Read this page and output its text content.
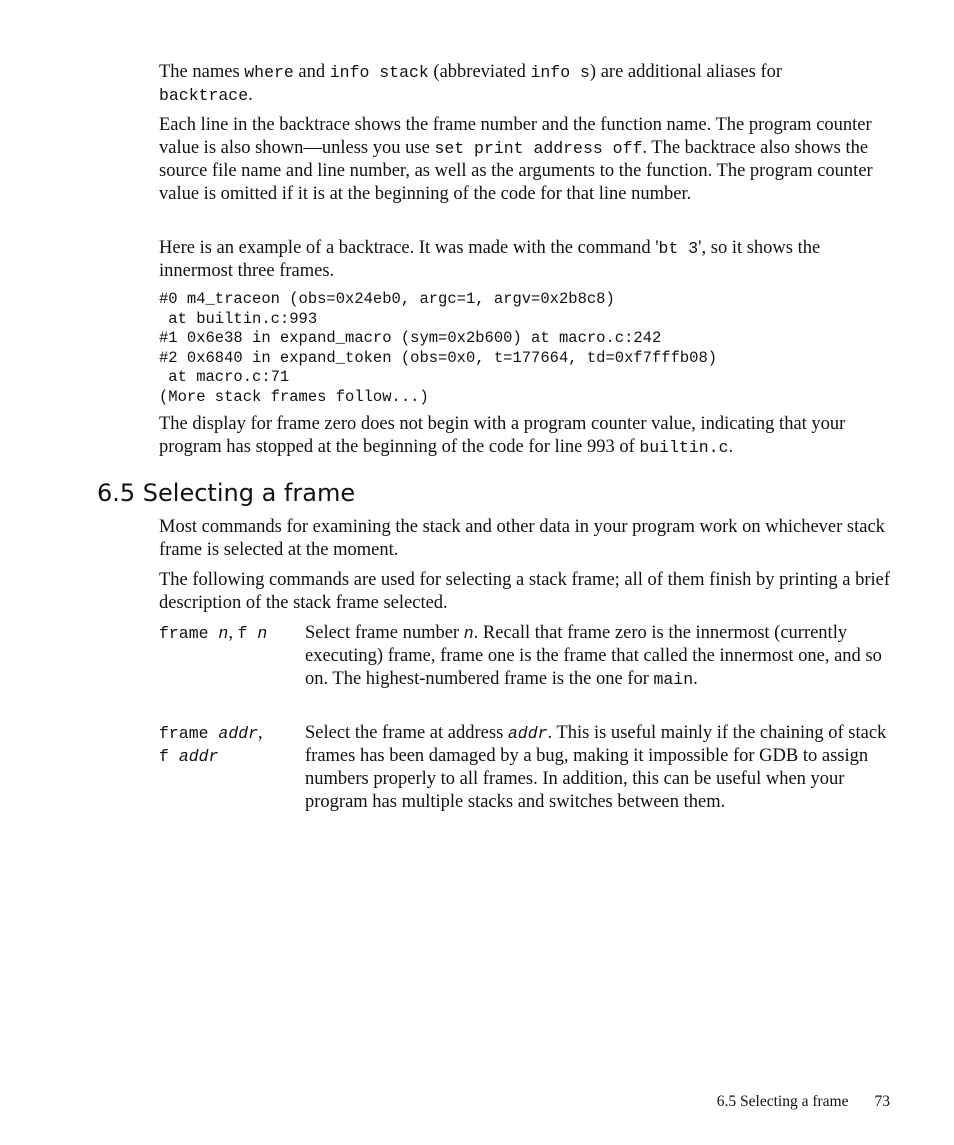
The names where and info stack (abbreviated info s) are additional aliases for
backtrace.

Each line in the backtrace shows the frame number and the function name. The program counter value is also shown—unless you use set print address off. The backtrace also shows the source file name and line number, as well as the arguments to the function. The program counter value is omitted if it is at the beginning of the code for that line number.

Here is an example of a backtrace. It was made with the command 'bt 3', so it shows the innermost three frames.

#0 m4_traceon (obs=0x24eb0, argc=1, argv=0x2b8c8)
at builtin.c:993
#1 0x6e38 in expand_macro (sym=0x2b600) at macro.c:242
#2 0x6840 in expand_token (obs=0x0, t=177664, td=0xf7fffb08)
at macro.c:71
(More stack frames follow...)

The display for frame zero does not begin with a program counter value, indicating that your program has stopped at the beginning of the code for line 993 of builtin.c.

6.5 Selecting a frame

Most commands for examining the stack and other data in your program work on whichever stack frame is selected at the moment.

The following commands are used for selecting a stack frame; all of them finish by printing a brief description of the stack frame selected.

frame n, f n	Select frame number n. Recall that frame zero is the innermost (currently executing) frame, frame one is the frame that called the innermost one, and so on. The highest-numbered frame is the one for main.
frame addr,
f addr
Select the frame at address addr. This is useful mainly if the chaining of stack frames has been damaged by a bug, making it impossible for GDB to assign numbers properly to all frames. In addition, this can be useful when your program has multiple stacks and switches between them.
6.5 Selecting a frame 73
